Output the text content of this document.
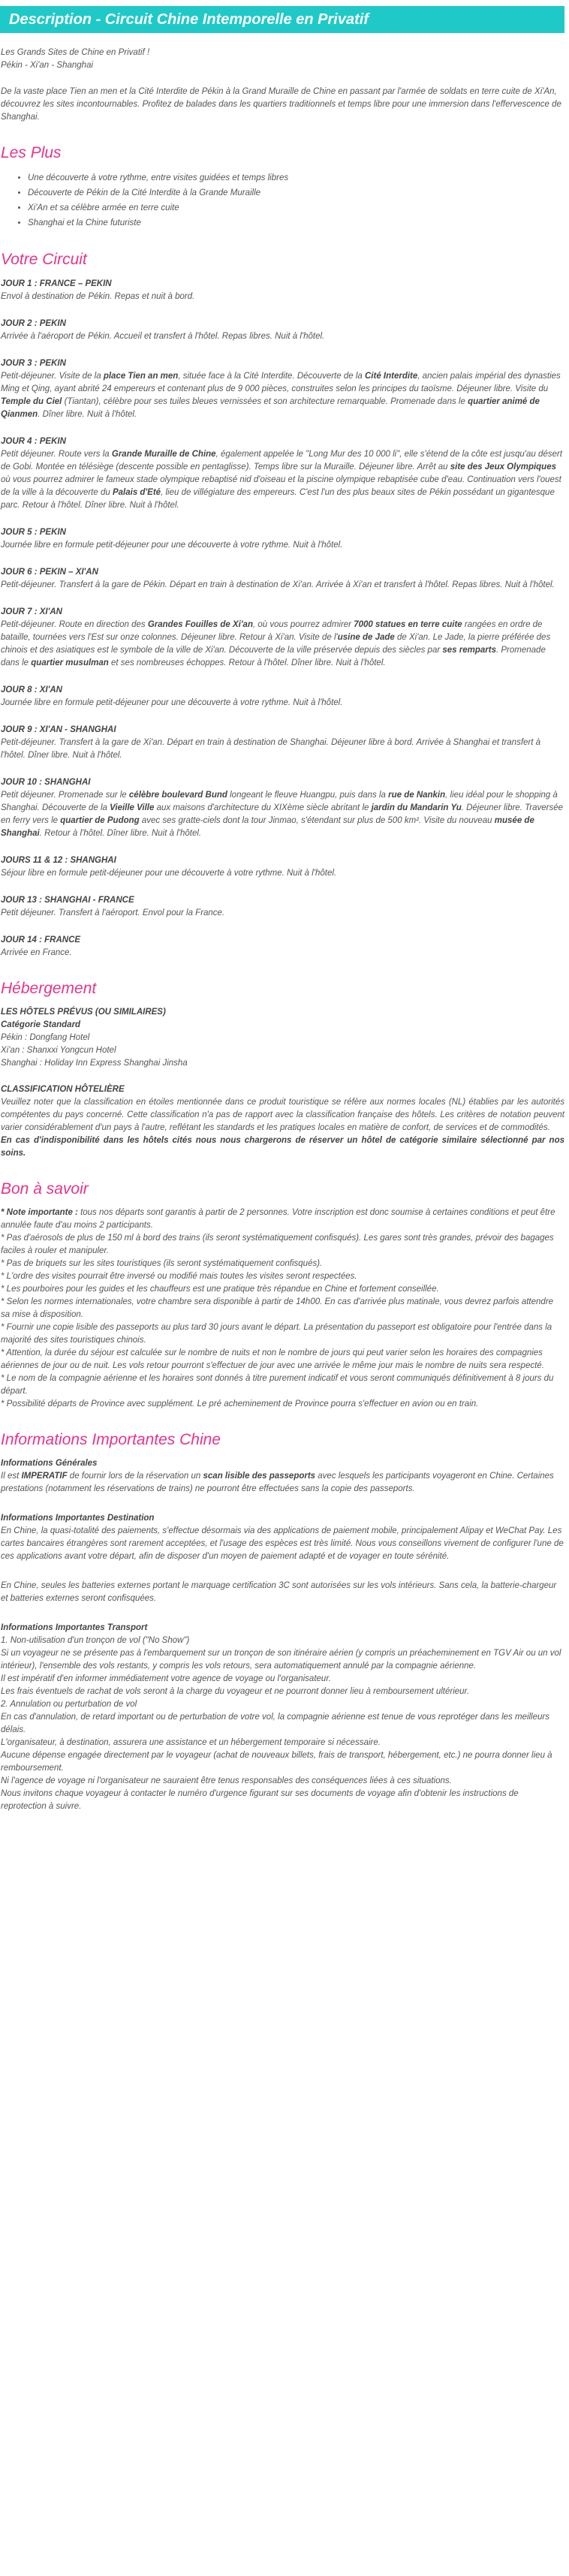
Description - Circuit Chine Intemporelle en Privatif

Les Grands Sites de Chine en Privatif !
Pékin - Xi'an - Shanghai

De la vaste place Tien an men et la Cité Interdite de Pékin à la Grand Muraille de Chine en passant par l'armée de soldats en terre cuite de Xi'An, découvrez les sites incontournables. Profitez de balades dans les quartiers traditionnels et temps libre pour une immersion dans l'effervescence de Shanghai.

Les Plus
• Une découverte à votre rythme, entre visites guidées et temps libres
• Découverte de Pékin de la Cité Interdite à la Grande Muraille
• Xi'An et sa célèbre armée en terre cuite
• Shanghai et la Chine futuriste
Votre Circuit
JOUR 1 : FRANCE – PEKIN
Envol à destination de Pékin. Repas et nuit à bord.
JOUR 2 : PEKIN
Arrivée à l'aéroport de Pékin. Accueil et transfert à l'hôtel. Repas libres. Nuit à l'hôtel.
JOUR 3 : PEKIN
Petit-déjeuner. Visite de la place Tien an men, située face à la Cité Interdite. Découverte de la Cité Interdite, ancien palais impérial des dynasties Ming et Qing, ayant abrité 24 empereurs et contenant plus de 9 000 pièces, construites selon les principes du taoïsme. Déjeuner libre. Visite du Temple du Ciel (Tiantan), célèbre pour ses tuiles bleues vernissées et son architecture remarquable. Promenade dans le quartier animé de Qianmen. Dîner libre. Nuit à l'hôtel.
JOUR 4 : PEKIN
Petit déjeuner. Route vers la Grande Muraille de Chine, également appelée le "Long Mur des 10 000 li", elle s'étend de la côte est jusqu'au désert de Gobi. Montée en télésiège (descente possible en pentaglisse). Temps libre sur la Muraille. Déjeuner libre. Arrêt au site des Jeux Olympiques où vous pourrez admirer le fameux stade olympique rebaptisé nid d'oiseau et la piscine olympique rebaptisée cube d'eau. Continuation vers l'ouest de la ville à la découverte du Palais d'Eté, lieu de villégiature des empereurs. C'est l'un des plus beaux sites de Pékin possédant un gigantesque parc. Retour à l'hôtel. Dîner libre. Nuit à l'hôtel.
JOUR 5 : PEKIN
Journée libre en formule petit-déjeuner pour une découverte à votre rythme. Nuit à l'hôtel.
JOUR 6 : PEKIN – XI'AN
Petit-déjeuner. Transfert à la gare de Pékin. Départ en train à destination de Xi'an. Arrivée à Xi'an et transfert à l'hôtel. Repas libres. Nuit à l'hôtel.
JOUR 7 : XI'AN
Petit-déjeuner. Route en direction des Grandes Fouilles de Xi'an, où vous pourrez admirer 7000 statues en terre cuite rangées en ordre de bataille, tournées vers l'Est sur onze colonnes. Déjeuner libre. Retour à Xi'an. Visite de l'usine de Jade de Xi'an. Le Jade, la pierre préférée des chinois et des asiatiques est le symbole de la ville de Xi'an. Découverte de la ville préservée depuis des siècles par ses remparts. Promenade dans le quartier musulman et ses nombreuses échoppes. Retour à l'hôtel. Dîner libre. Nuit à l'hôtel.
JOUR 8 : XI'AN
Journée libre en formule petit-déjeuner pour une découverte à votre rythme. Nuit à l'hôtel.
JOUR 9 : XI'AN - SHANGHAI
Petit-déjeuner. Transfert à la gare de Xi'an. Départ en train à destination de Shanghai. Déjeuner libre à bord. Arrivée à Shanghai et transfert à l'hôtel. Dîner libre. Nuit à l'hôtel.
JOUR 10 : SHANGHAI
Petit déjeuner. Promenade sur le célèbre boulevard Bund longeant le fleuve Huangpu, puis dans la rue de Nankin, lieu idéal pour le shopping à Shanghai. Découverte de la Vieille Ville aux maisons d'architecture du XIXème siècle abritant le jardin du Mandarin Yu. Déjeuner libre. Traversée en ferry vers le quartier de Pudong avec ses gratte-ciels dont la tour Jinmao, s'étendant sur plus de 500 km². Visite du nouveau musée de Shanghai. Retour à l'hôtel. Dîner libre. Nuit à l'hôtel.
JOURS 11 & 12 : SHANGHAI
Séjour libre en formule petit-déjeuner pour une découverte à votre rythme. Nuit à l'hôtel.
JOUR 13 : SHANGHAI - FRANCE
Petit déjeuner. Transfert à l'aéroport. Envol pour la France.
JOUR 14 : FRANCE
Arrivée en France.
Hébergement
LES HÔTELS PRÉVUS (OU SIMILAIRES)
Catégorie Standard
Pékin : Dongfang Hotel
Xi'an : Shanxxi Yongcun Hotel
Shanghai : Holiday Inn Express Shanghai Jinsha
CLASSIFICATION HÔTELIÈRE
Veuillez noter que la classification en étoiles mentionnée dans ce produit touristique se réfère aux normes locales (NL) établies par les autorités compétentes du pays concerné. Cette classification n'a pas de rapport avec la classification française des hôtels. Les critères de notation peuvent varier considérablement d'un pays à l'autre, reflétant les standards et les pratiques locales en matière de confort, de services et de commodités.
En cas d'indisponibilité dans les hôtels cités nous nous chargerons de réserver un hôtel de catégorie similaire sélectionné par nos soins.
Bon à savoir
* Note importante : tous nos départs sont garantis à partir de 2 personnes. Votre inscription est donc soumise à certaines conditions et peut être annulée faute d'au moins 2 participants.
* Pas d'aérosols de plus de 150 ml à bord des trains (ils seront systématiquement confisqués). Les gares sont très grandes, prévoir des bagages faciles à rouler et manipuler.
* Pas de briquets sur les sites touristiques (ils seront systématiquement confisqués).
* L'ordre des visites pourrait être inversé ou modifié mais toutes les visites seront respectées.
* Les pourboires pour les guides et les chauffeurs est une pratique très répandue en Chine et fortement conseillée.
* Selon les normes internationales, votre chambre sera disponible à partir de 14h00. En cas d'arrivée plus matinale, vous devrez parfois attendre sa mise à disposition.
* Fournir une copie lisible des passeports au plus tard 30 jours avant le départ. La présentation du passeport est obligatoire pour l'entrée dans la majorité des sites touristiques chinois.
* Attention, la durée du séjour est calculée sur le nombre de nuits et non le nombre de jours qui peut varier selon les horaires des compagnies aériennes de jour ou de nuit. Les vols retour pourront s'effectuer de jour avec une arrivée le même jour mais le nombre de nuits sera respecté.
* Le nom de la compagnie aérienne et les horaires sont donnés à titre purement indicatif et vous seront communiqués définitivement à 8 jours du départ.
* Possibilité départs de Province avec supplément. Le pré acheminement de Province pourra s'effectuer en avion ou en train.
Informations Importantes Chine
Informations Générales
Il est IMPERATIF de fournir lors de la réservation un scan lisible des passeports avec lesquels les participants voyageront en Chine. Certaines prestations (notamment les réservations de trains) ne pourront être effectuées sans la copie des passeports.
Informations Importantes Destination
En Chine, la quasi-totalité des paiements, s'effectue désormais via des applications de paiement mobile, principalement Alipay et WeChat Pay. Les cartes bancaires étrangères sont rarement acceptées, et l'usage des espèces est très limité. Nous vous conseillons vivement de configurer l'une de ces applications avant votre départ, afin de disposer d'un moyen de paiement adapté et de voyager en toute sérénité.
En Chine, seules les batteries externes portant le marquage certification 3C sont autorisées sur les vols intérieurs. Sans cela, la batterie-chargeur et batteries externes seront confisquées.
Informations Importantes Transport
1. Non-utilisation d'un tronçon de vol ("No Show")
Si un voyageur ne se présente pas à l'embarquement sur un tronçon de son itinéraire aérien (y compris un préacheminement en TGV Air ou un vol intérieur), l'ensemble des vols restants, y compris les vols retours, sera automatiquement annulé par la compagnie aérienne.
Il est impératif d'en informer immédiatement votre agence de voyage ou l'organisateur.
Les frais éventuels de rachat de vols seront à la charge du voyageur et ne pourront donner lieu à remboursement ultérieur.
2. Annulation ou perturbation de vol
En cas d'annulation, de retard important ou de perturbation de votre vol, la compagnie aérienne est tenue de vous reprotéger dans les meilleurs délais.
L'organisateur, à destination, assurera une assistance et un hébergement temporaire si nécessaire.
Aucune dépense engagée directement par le voyageur (achat de nouveaux billets, frais de transport, hébergement, etc.) ne pourra donner lieu à remboursement.
Ni l'agence de voyage ni l'organisateur ne sauraient être tenus responsables des conséquences liées à ces situations.
Nous invitons chaque voyageur à contacter le numéro d'urgence figurant sur ses documents de voyage afin d'obtenir les instructions de reprotection à suivre.
